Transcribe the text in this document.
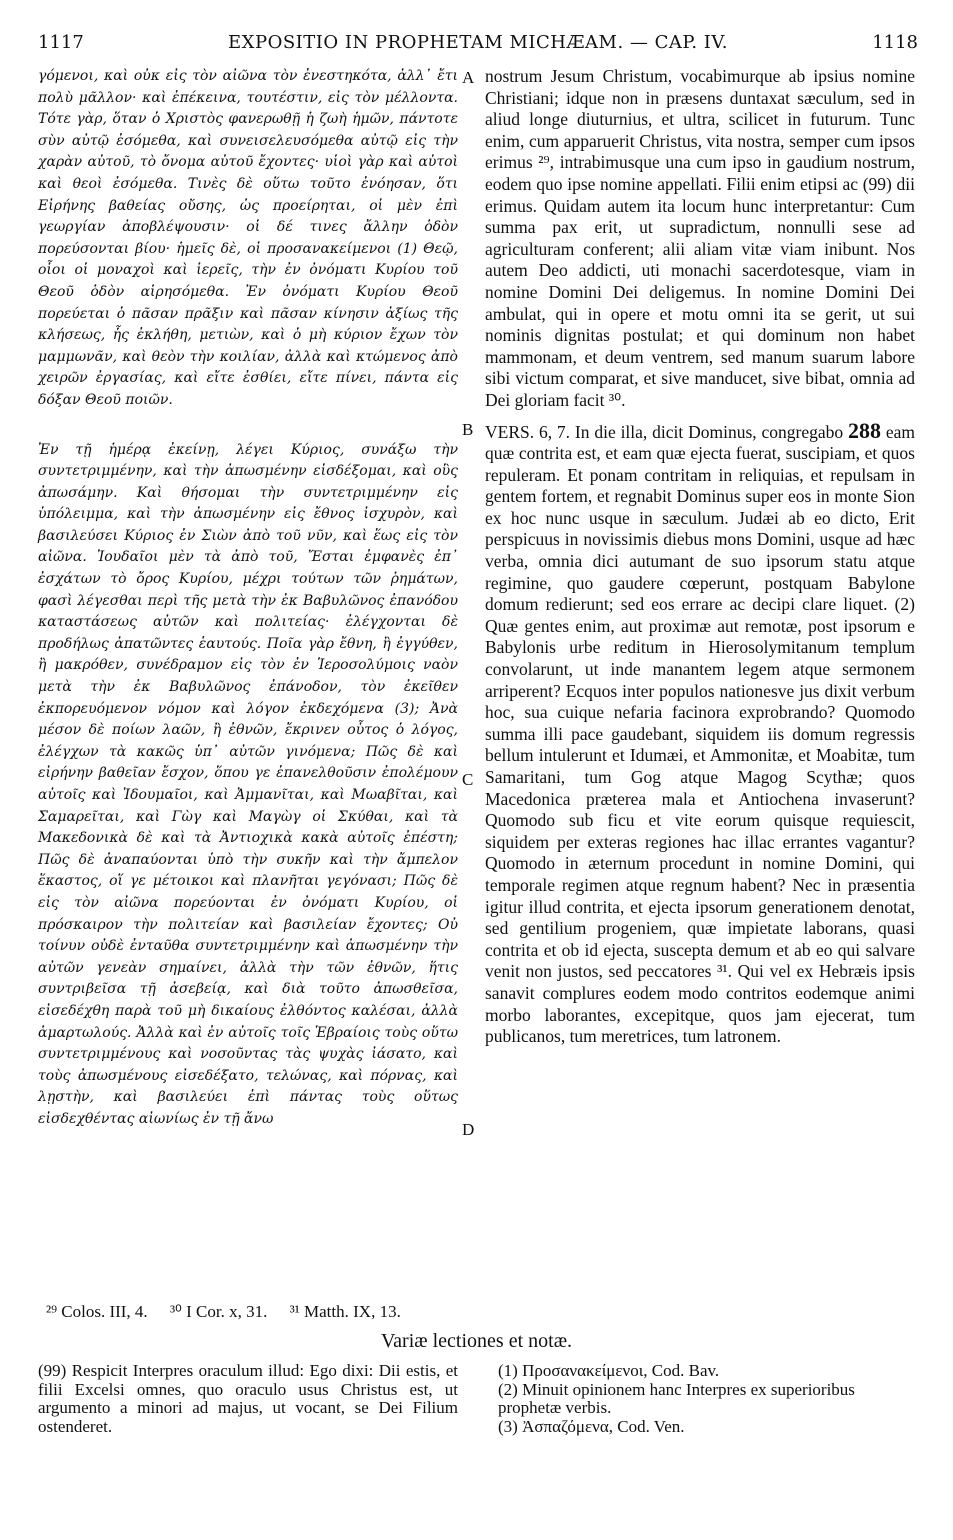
1117	EXPOSITIO IN PROPHETAM MICHÆAM. — CAP. IV.	1118

γόμενοι, καὶ οὐκ εἰς τὸν αἰῶνα τὸν ἐνεστηκότα, ἀλλ᾽ ἔτι πολὺ μᾶλλον· καὶ ἐπέκεινα, τουτέστιν, εἰς τὸν μέλλοντα. Τότε γὰρ, ὅταν ὁ Χριστὸς φανερωθῇ ἡ ζωὴ ἡμῶν, πάντοτε σὺν αὐτῷ ἐσόμεθα, καὶ συνεισελευσόμεθα αὐτῷ εἰς τὴν χαρὰν αὐτοῦ, τὸ ὄνομα αὐτοῦ ἔχοντες· υἱοὶ γὰρ καὶ αὐτοὶ καὶ θεοὶ ἐσόμεθα. Τινὲς δὲ οὕτω τοῦτο ἐνόησαν, ὅτι Εἰρήνης βαθείας οὔσης, ὡς προείρηται, οἱ μὲν ἐπὶ γεωργίαν ἀποβλέψουσιν· οἱ δέ τινες ἄλλην ὁδὸν πορεύσονται βίου· ἡμεῖς δὲ, οἱ προσανακείμενοι (1) Θεῷ, οἷοι οἱ μοναχοὶ καὶ ἱερεῖς, τὴν ἐν ὀνόματι Κυρίου τοῦ Θεοῦ ὁδὸν αἱρησόμεθα. Ἐν ὀνόματι Κυρίου Θεοῦ πορεύεται ὁ πᾶσαν πρᾶξιν καὶ πᾶσαν κίνησιν ἀξίως τῆς κλήσεως, ἧς ἐκλήθη, μετιὼν, καὶ ὁ μὴ κύριον ἔχων τὸν μαμμωνᾶν, καὶ θεὸν τὴν κοιλίαν, ἀλλὰ καὶ κτώμενος ἀπὸ χειρῶν ἐργασίας, καὶ εἴτε ἐσθίει, εἴτε πίνει, πάντα εἰς δόξαν Θεοῦ ποιῶν.

Ἐν τῇ ἡμέρᾳ ἐκείνῃ, λέγει Κύριος, συνάξω τὴν συντετριμμένην, καὶ τὴν ἀπωσμένην εἰσδέξομαι, καὶ οὓς ἀπωσάμην. Καὶ θήσομαι τὴν συντετριμμένην εἰς ὑπόλειμμα, καὶ τὴν ἀπωσμένην εἰς ἔθνος ἰσχυρὸν, καὶ βασιλεύσει Κύριος ἐν Σιὼν ἀπὸ τοῦ νῦν, καὶ ἕως εἰς τὸν αἰῶνα. Ἰουδαῖοι μὲν τὰ ἀπὸ τοῦ, Ἔσται ἐμφανὲς ἐπ᾽ ἐσχάτων τὸ ὄρος Κυρίου, μέχρι τούτων τῶν ῥημάτων, φασὶ λέγεσθαι περὶ τῆς μετὰ τὴν ἐκ Βαβυλῶνος ἐπανόδου καταστάσεως αὐτῶν καὶ πολιτείας· ἐλέγχονται δὲ προδήλως ἀπατῶντες ἑαυτούς. Ποῖα γὰρ ἔθνη, ἢ ἐγγύθεν, ἢ μακρόθεν, συνέδραμον εἰς τὸν ἐν Ἱεροσολύμοις ναὸν μετὰ τὴν ἐκ Βαβυλῶνος ἐπάνοδον, τὸν ἐκεῖθεν ἐκπορευόμενον νόμον καὶ λόγον ἐκδεχόμενα (3); Ἀνὰ μέσον δὲ ποίων λαῶν, ἢ ἐθνῶν, ἔκρινεν οὗτος ὁ λόγος, ἐλέγχων τὰ κακῶς ὑπ᾽ αὐτῶν γινόμενα; Πῶς δὲ καὶ εἰρήνην βαθεῖαν ἔσχον, ὅπου γε ἐπανελθοῦσιν ἐπολέμουν αὐτοῖς καὶ Ἰδουμαῖοι, καὶ Ἀμμανῖται, καὶ Μωαβῖται, καὶ Σαμαρεῖται, καὶ Γὼγ καὶ Μαγὼγ οἱ Σκύθαι, καὶ τὰ Μακεδονικὰ δὲ καὶ τὰ Ἀντιοχικὰ κακὰ αὐτοῖς ἐπέστη; Πῶς δὲ ἀναπαύονται ὑπὸ τὴν συκῆν καὶ τὴν ἄμπελον ἕκαστος, οἵ γε μέτοικοι καὶ πλανῆται γεγόνασι; Πῶς δὲ εἰς τὸν αἰῶνα πορεύονται ἐν ὀνόματι Κυρίου, οἱ πρόσκαιρον τὴν πολιτείαν καὶ βασιλείαν ἔχοντες; Οὐ τοίνυν οὐδὲ ἐνταῦθα συντετριμμένην καὶ ἀπωσμένην τὴν αὐτῶν γενεὰν σημαίνει, ἀλλὰ τὴν τῶν ἐθνῶν, ἥτις συντριβεῖσα τῇ ἀσεβείᾳ, καὶ διὰ τοῦτο ἀπωσθεῖσα, εἰσεδέχθη παρὰ τοῦ μὴ δικαίους ἐλθόντος καλέσαι, ἀλλὰ ἁμαρτωλούς. Ἀλλὰ καὶ ἐν αὐτοῖς τοῖς Ἑβραίοις τοὺς οὕτω συντετριμμένους καὶ νοσοῦντας τὰς ψυχὰς ἰάσατο, καὶ τοὺς ἀπωσμένους εἰσεδέξατο, τελώνας, καὶ πόρνας, καὶ λῃστὴν, καὶ βασιλεύει ἐπὶ πάντας τοὺς οὕτως εἰσδεχθέντας αἰωνίως ἐν τῇ ἄνω

nostrum Jesum Christum, vocabimurque ab ipsius nomine Christiani; idque non in præsens duntaxat sæculum, sed in aliud longe diuturnius, et ultra, scilicet in futurum. Tunc enim, cum apparuerit Christus, vita nostra, semper cum ipsos erimus ²⁹, intrabimusque una cum ipso in gaudium nostrum, eodem quo ipse nomine appellati. Filii enim etipsi ac (99) dii erimus. Quidam autem ita locum hunc interpretantur: Cum summa pax erit, ut supradictum, nonnulli sese ad agriculturam conferent; alii aliam vitæ viam inibunt. Nos autem Deo addicti, uti monachi sacerdotesque, viam in nomine Domini Dei deligemus. In nomine Domini Dei ambulat, qui in opere et motu omni ita se gerit, ut sui nominis dignitas postulat; et qui dominum non habet mammonam, et deum ventrem, sed manum suarum labore sibi victum comparat, et sive manducet, sive bibat, omnia ad Dei gloriam facit ³⁰.

VERS. 6, 7. In die illa, dicit Dominus, congregabo 288 eam quæ contrita est, et eam quæ ejecta fuerat, suscipiam, et quos repuleram. Et ponam contritam in reliquias, et repulsam in gentem fortem, et regnabit Dominus super eos in monte Sion ex hoc nunc usque in sæculum. Judæi ab eo dicto, Erit perspicuus in novissimis diebus mons Domini, usque ad hæc verba, omnia dici autumant de suo ipsorum statu atque regimine, quo gaudere cœperunt, postquam Babylone domum redierunt; sed eos errare ac decipi clare liquet. (2) Quæ gentes enim, aut proximæ aut remotæ, post ipsorum e Babylonis urbe reditum in Hierosolymitanum templum convolarunt, ut inde manantem legem atque sermonem arriperent? Ecquos inter populos nationesve jus dixit verbum hoc, sua cuique nefaria facinora exprobrando? Quomodo summa illi pace gaudebant, siquidem iis domum regressis bellum intulerunt et Idumæi, et Ammonitæ, et Moabitæ, tum Samaritani, tum Gog atque Magog Scythæ; quos Macedonica præterea mala et Antiochena invaserunt? Quomodo sub ficu et vite eorum quisque requiescit, siquidem per exteras regiones hac illac errantes vagantur? Quomodo in æternum procedunt in nomine Domini, qui temporale regimen atque regnum habent? Nec in præsentia igitur illud contrita, et ejecta ipsorum generationem denotat, sed gentilium progeniem, quæ impietate laborans, quasi contrita et ob id ejecta, suscepta demum et ab eo qui salvare venit non justos, sed peccatores ³¹. Qui vel ex Hebræis ipsis sanavit complures eodem modo contritos eodemque animi morbo laborantes, excepitque, quos jam ejecerat, tum publicanos, tum meretrices, tum latronem.

A
B
C
D
²⁹ Colos. III, 4. ³⁰ I Cor. x, 31. ³¹ Matth. IX, 13.
Variæ lectiones et notæ.
(99) Respicit Interpres oraculum illud: Ego dixi: Dii estis, et filii Excelsi omnes, quo oraculo usus Christus est, ut argumento a minori ad majus, ut vocant, se Dei Filium ostenderet.
(1) Προσανακείμενοι, Cod. Bav.
(2) Minuit opinionem hanc Interpres ex superioribus prophetæ verbis.
(3) Ἀσπαζόμενα, Cod. Ven.
